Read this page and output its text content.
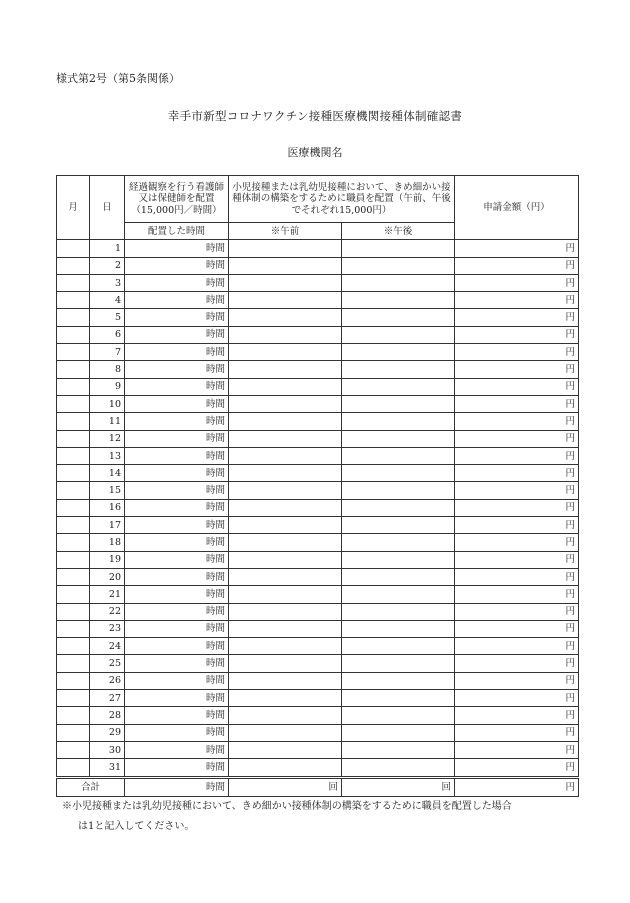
様式第2号（第5条関係）
幸手市新型コロナワクチン接種医療機関接種体制確認書
医療機関名
月	日	経過観察を行う看護師又は保健師を配置（15,000円／時間）	小児接種または乳幼児接種において、きめ細かい接種体制の構築をするために職員を配置（午前、午後でそれぞれ15,000円）		申請金額（円）
		配置した時間	※午前	※午後	
	1	時間			円
	2	時間			円
	3	時間			円
	4	時間			円
	5	時間			円
	6	時間			円
	7	時間			円
	8	時間			円
	9	時間			円
	10	時間			円
	11	時間			円
	12	時間			円
	13	時間			円
	14	時間			円
	15	時間			円
	16	時間			円
	17	時間			円
	18	時間			円
	19	時間			円
	20	時間			円
	21	時間			円
	22	時間			円
	23	時間			円
	24	時間			円
	25	時間			円
	26	時間			円
	27	時間			円
	28	時間			円
	29	時間			円
	30	時間			円
	31	時間			円
合計		時間	回	回	円
※小児接種または乳幼児接種において、きめ細かい接種体制の構築をするために職員を配置した場合
は1と記入してください。
